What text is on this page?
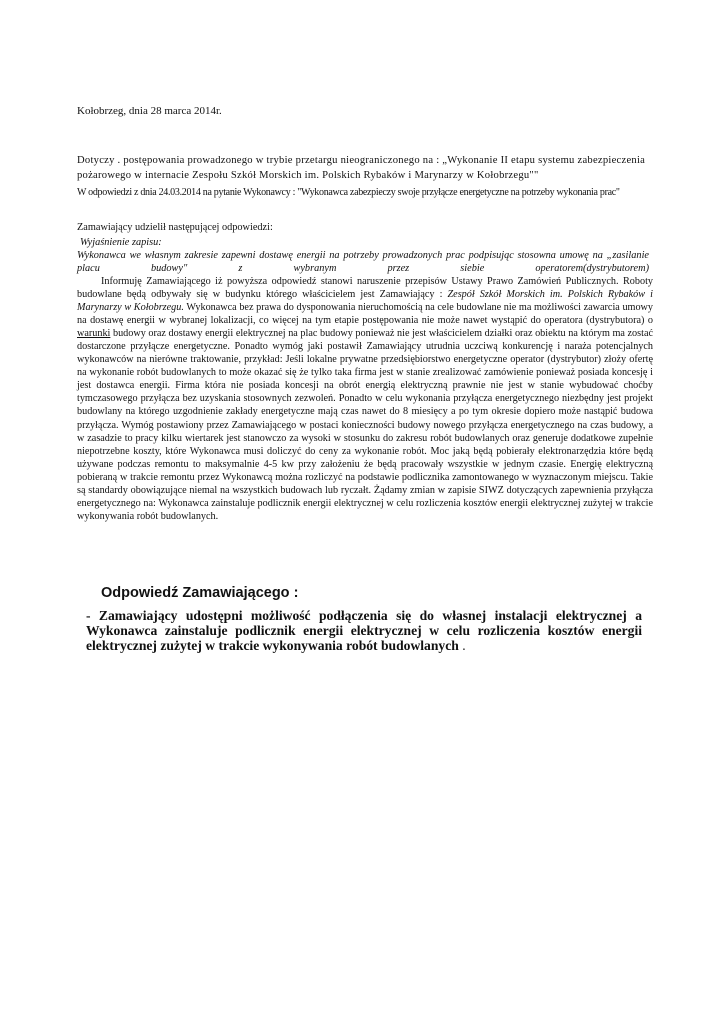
Kołobrzeg, dnia 28 marca 2014r.
Dotyczy . postępowania prowadzonego w trybie przetargu nieograniczonego na : „Wykonanie II etapu systemu zabezpieczenia pożarowego w internacie Zespołu Szkół Morskich im. Polskich Rybaków i Marynarzy w Kołobrzegu""
W odpowiedzi z dnia 24.03.2014 na pytanie Wykonawcy : "Wykonawca zabezpieczy swoje przyłącze energetyczne na potrzeby wykonania prac"
Zamawiający udzielił następującej odpowiedzi:
Wyjaśnienie zapisu:
Wykonawca we własnym zakresie zapewni dostawę energii na potrzeby prowadzonych prac podpisując stosowna umowę na „zasilanie placu budowy" z wybranym przez siebie operatorem(dystrybutorem)
Informuję Zamawiającego iż powyższa odpowiedź stanowi naruszenie przepisów Ustawy Prawo Zamówień Publicznych. Roboty budowlane będą odbywały się w budynku którego właścicielem jest Zamawiający : Zespół Szkół Morskich im. Polskich Rybaków i Marynarzy w Kołobrzegu. Wykonawca bez prawa do dysponowania nieruchomością na cele budowlane nie ma możliwości zawarcia umowy na dostawę energii w wybranej lokalizacji, co więcej na tym etapie postępowania nie może nawet wystąpić do operatora (dystrybutora) o warunki budowy oraz dostawy energii elektrycznej na plac budowy ponieważ nie jest właścicielem działki oraz obiektu na którym ma zostać dostarczone przyłącze energetyczne. Ponadto wymóg jaki postawił Zamawiający utrudnia uczciwą konkurencję i naraża potencjalnych wykonawców na nierówne traktowanie, przykład: Jeśli lokalne prywatne przedsiębiorstwo energetyczne operator (dystrybutor) złoży ofertę na wykonanie robót budowlanych to może okazać się że tylko taka firma jest w stanie zrealizować zamówienie ponieważ posiada koncesję i jest dostawca energii. Firma która nie posiada koncesji na obrót energią elektryczną prawnie nie jest w stanie wybudować choćby tymczasowego przyłącza bez uzyskania stosownych zezwoleń. Ponadto w celu wykonania przyłącza energetycznego niezbędny jest projekt budowlany na którego uzgodnienie zakłady energetyczne mają czas nawet do 8 miesięcy a po tym okresie dopiero może nastąpić budowa przyłącza. Wymóg postawiony przez Zamawiającego w postaci konieczności budowy nowego przyłącza energetycznego na czas budowy, a w zasadzie to pracy kilku wiertarek jest stanowczo za wysoki w stosunku do zakresu robót budowlanych oraz generuje dodatkowe zupełnie niepotrzebne koszty, które Wykonawca musi doliczyć do ceny za wykonanie robót. Moc jaką będą pobierały elektronarzędzia które będą używane podczas remontu to maksymalnie 4-5 kw przy założeniu że będą pracowały wszystkie w jednym czasie. Energię elektryczną pobieraną w trakcie remontu przez Wykonawcą można rozliczyć na podstawie podlicznika zamontowanego w wyznaczonym miejscu. Takie są standardy obowiązujące niemal na wszystkich budowach lub ryczałt. Żądamy zmian w zapisie SIWZ dotyczących zapewnienia przyłącza energetycznego na: Wykonawca zainstaluje podlicznik energii elektrycznej w celu rozliczenia kosztów energii elektrycznej zużytej w trakcie wykonywania robót budowlanych.
Odpowiedź Zamawiającego :
- Zamawiający udostępni możliwość podłączenia się do własnej instalacji elektrycznej a Wykonawca zainstaluje podlicznik energii elektrycznej w celu rozliczenia kosztów energii elektrycznej zużytej w trakcie wykonywania robót budowlanych .
